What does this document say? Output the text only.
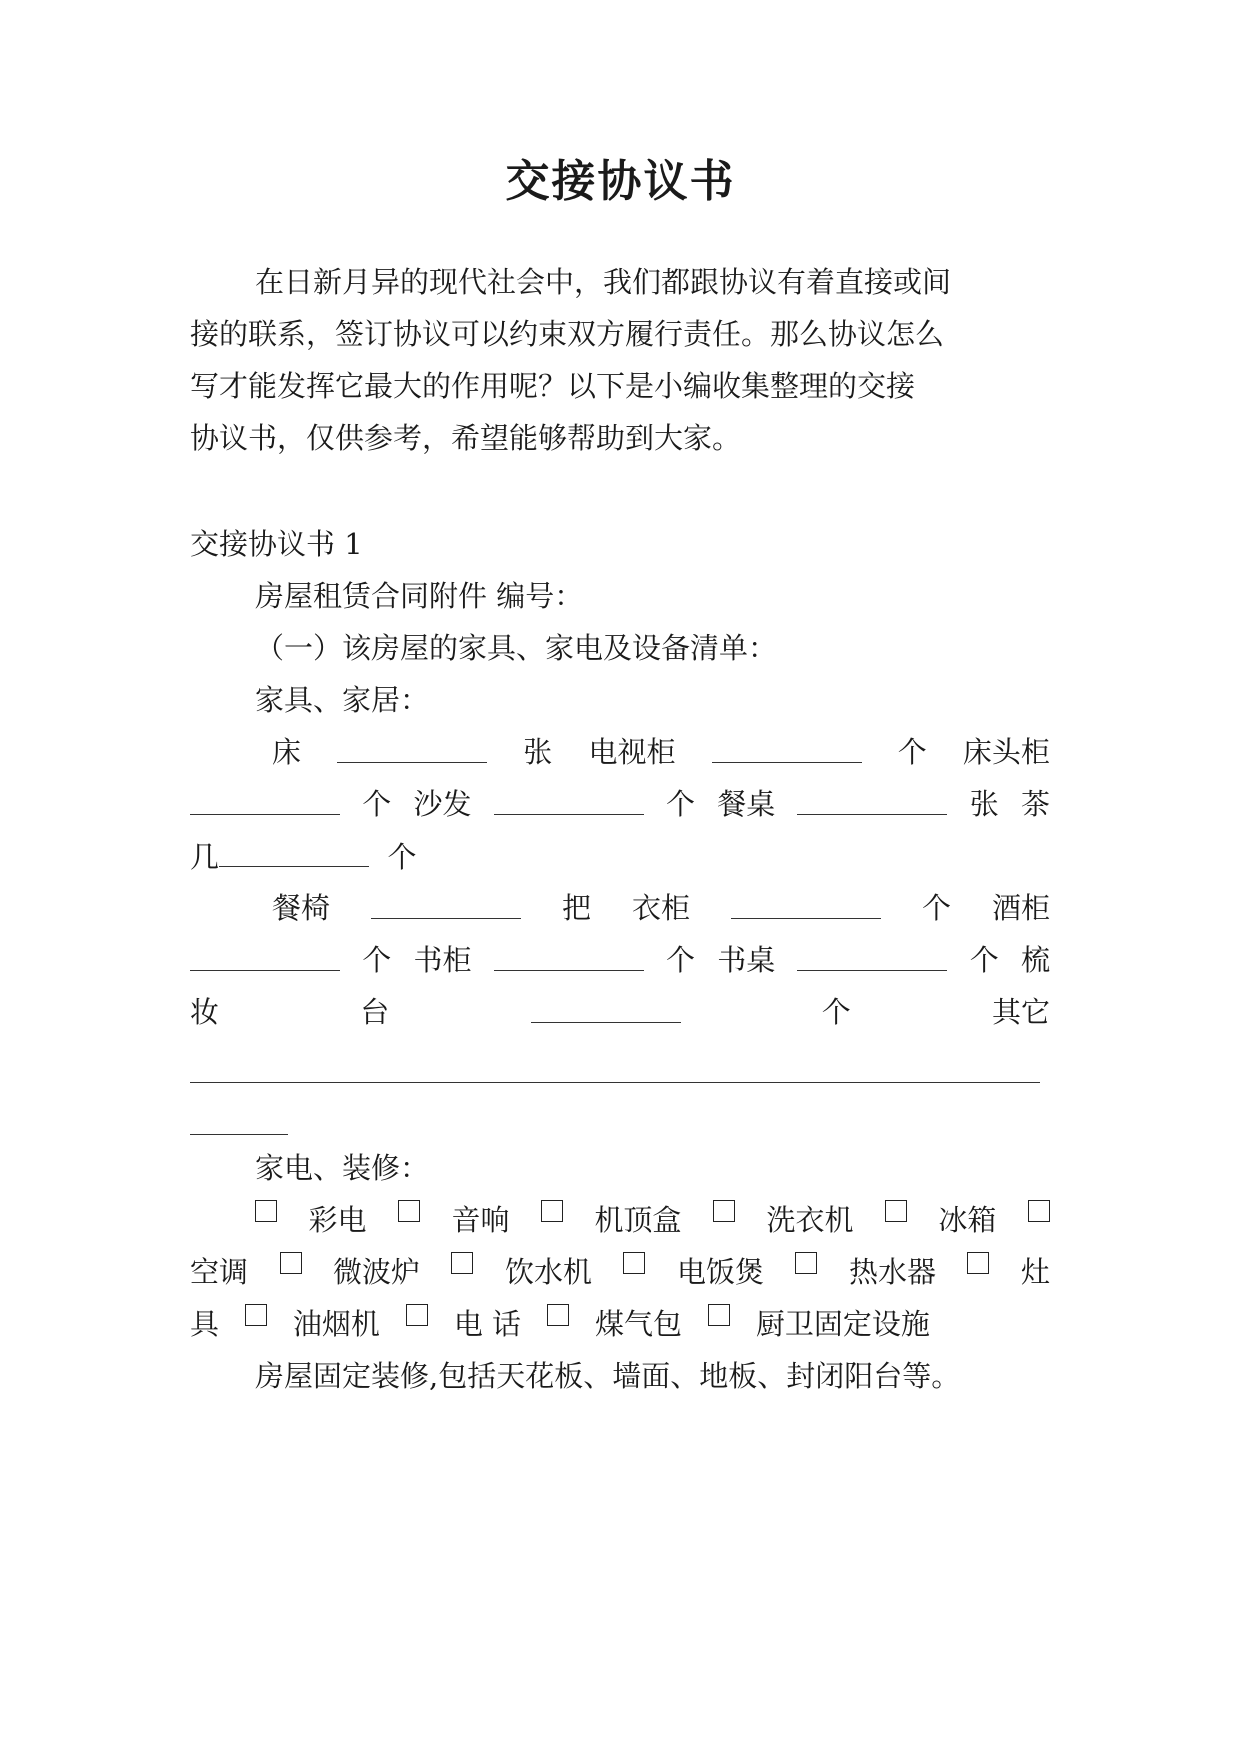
交接协议书
在日新月异的现代社会中，我们都跟协议有着直接或间
接的联系，签订协议可以约束双方履行责任。那么协议怎么
写才能发挥它最大的作用呢？以下是小编收集整理的交接
协议书，仅供参考，希望能够帮助到大家。
交接协议书 1
房屋租赁合同附件 编号：
（一）该房屋的家具、家电及设备清单：
家具、家居：
床	张 电视柜	个 床头柜
个 沙发	个 餐桌	张 茶
几	个
餐椅	把 衣柜	个 酒柜
个 书柜	个 书桌	个 梳
妆	台	个	其它
家电、装修：
彩电	音响	机顶盒	洗衣机	冰箱
空调	微波炉	饮水机	电饭煲	热水器	灶
具	油烟机	电 话	煤气包	厨卫固定设施
房屋固定装修,包括天花板、墙面、地板、封闭阳台等。
